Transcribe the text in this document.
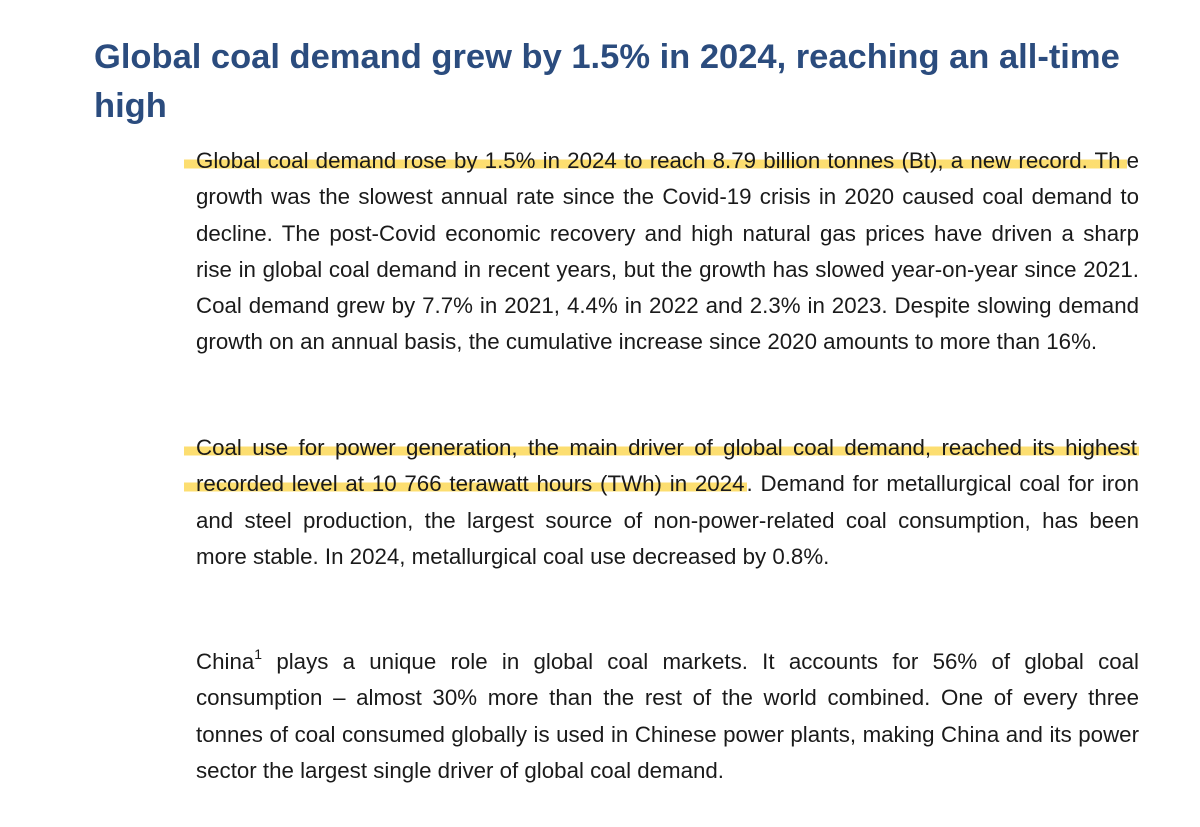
Global coal demand grew by 1.5% in 2024, reaching an all-time high

Global coal demand rose by 1.5% in 2024 to reach 8.79 billion tonnes (Bt), a new record. Th e growth was the slowest annual rate since the Covid-19 crisis in 2020 caused coal demand to decline. The post-Covid economic recovery and high natural gas prices have driven a sharp rise in global coal demand in recent years, but the growth has slowed year-on-year since 2021. Coal demand grew by 7.7% in 2021, 4.4% in 2022 and 2.3% in 2023. Despite slowing demand growth on an annual basis, the cumulative increase since 2020 amounts to more than 16%.

Coal use for power generation, the main driver of global coal demand, reached its highest recorded level at 10 766 terawatt hours (TWh) in 2024. Demand for metallurgical coal for iron and steel production, the largest source of non-power-related coal consumption, has been more stable. In 2024, metallurgical coal use decreased by 0.8%.

China$^1$ plays a unique role in global coal markets. It accounts for 56% of global coal consumption – almost 30% more than the rest of the world combined. One of every three tonnes of coal consumed globally is used in Chinese power plants, making China and its power sector the largest single driver of global coal demand.
